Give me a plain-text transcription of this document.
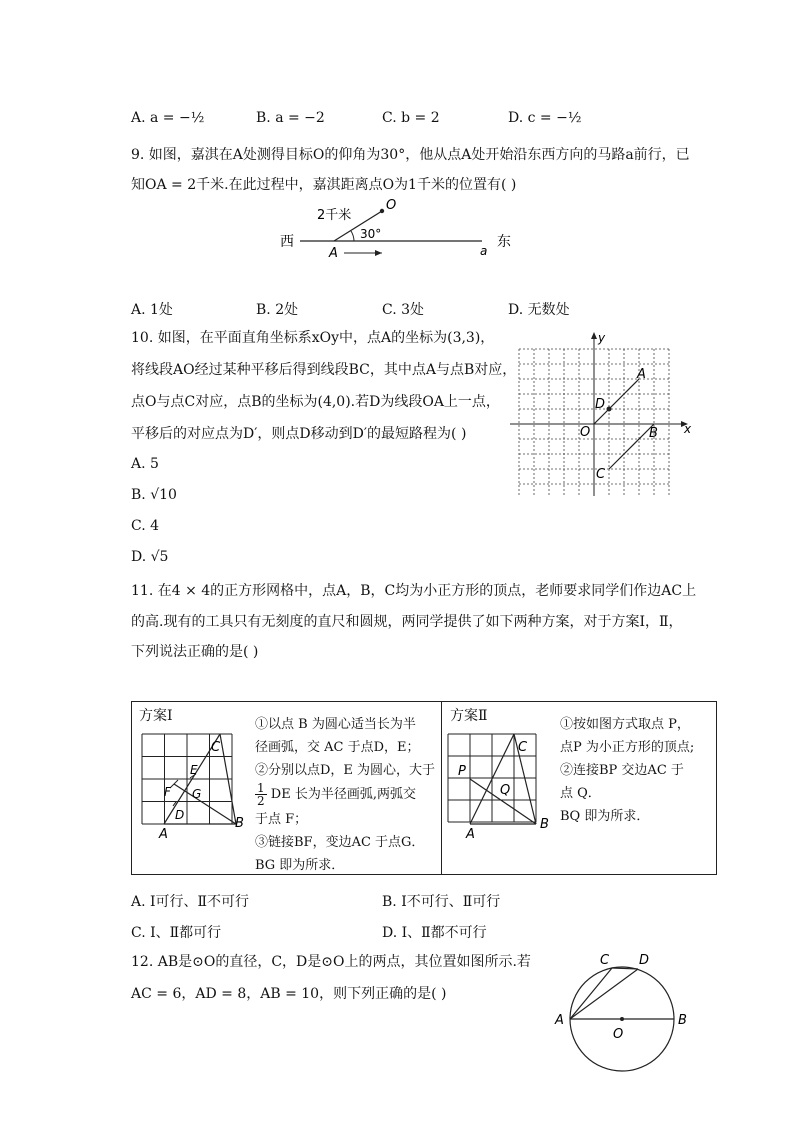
A. a = −½	B. a = −2	C. b = 2	D. c = −½
9. 如图，嘉淇在A处测得目标O的仰角为30°，他从点A处开始沿东西方向的马路a前行，已
知OA = 2千米.在此过程中，嘉淇距离点O为1千米的位置有( )
西	东
2千米
30°
A
O
a
A. 1处	B. 2处	C. 3处	D. 无数处
10. 如图，在平面直角坐标系xOy中，点A的坐标为(3,3)，
将线段AO经过某种平移后得到线段BC，其中点A与点B对应，
点O与点C对应，点B的坐标为(4,0).若D为线段OA上一点，
平移后的对应点为D′，则点D移动到D′的最短路程为( )
A. 5
B. √10
C. 4
D. √5
x
y
O
A
B
C
D
11. 在4 × 4的正方形网格中，点A，B，C均为小正方形的顶点，老师要求同学们作边AC上
的高.现有的工具只有无刻度的直尺和圆规，两同学提供了如下两种方案，对于方案Ⅰ，Ⅱ，
下列说法正确的是( )
方案Ⅰ
A
B
C
D
E
F G
①以点 B 为圆心适当长为半
径画弧，交 AC 于点D，E；
②分别以点D，E 为圆心，大于
$\frac{1}{2}$ DE 长为半径画弧,两弧交
于点 F；
③链接BF，变边AC 于点G．
BG 即为所求．
方案Ⅱ
A
B
C
P
Q
①按如图方式取点 P，
点P 为小正方形的顶点;
②连接BP 交边AC 于
点 Q．
BQ 即为所求．
A. Ⅰ可行、Ⅱ不可行	B. Ⅰ不可行、Ⅱ可行
C. Ⅰ、Ⅱ都可行	D. Ⅰ、Ⅱ都不可行
12. AB是⊙O的直径，C，D是⊙O上的两点，其位置如图所示.若
AC = 6，AD = 8，AB = 10，则下列正确的是( )
A	B
C D
O
